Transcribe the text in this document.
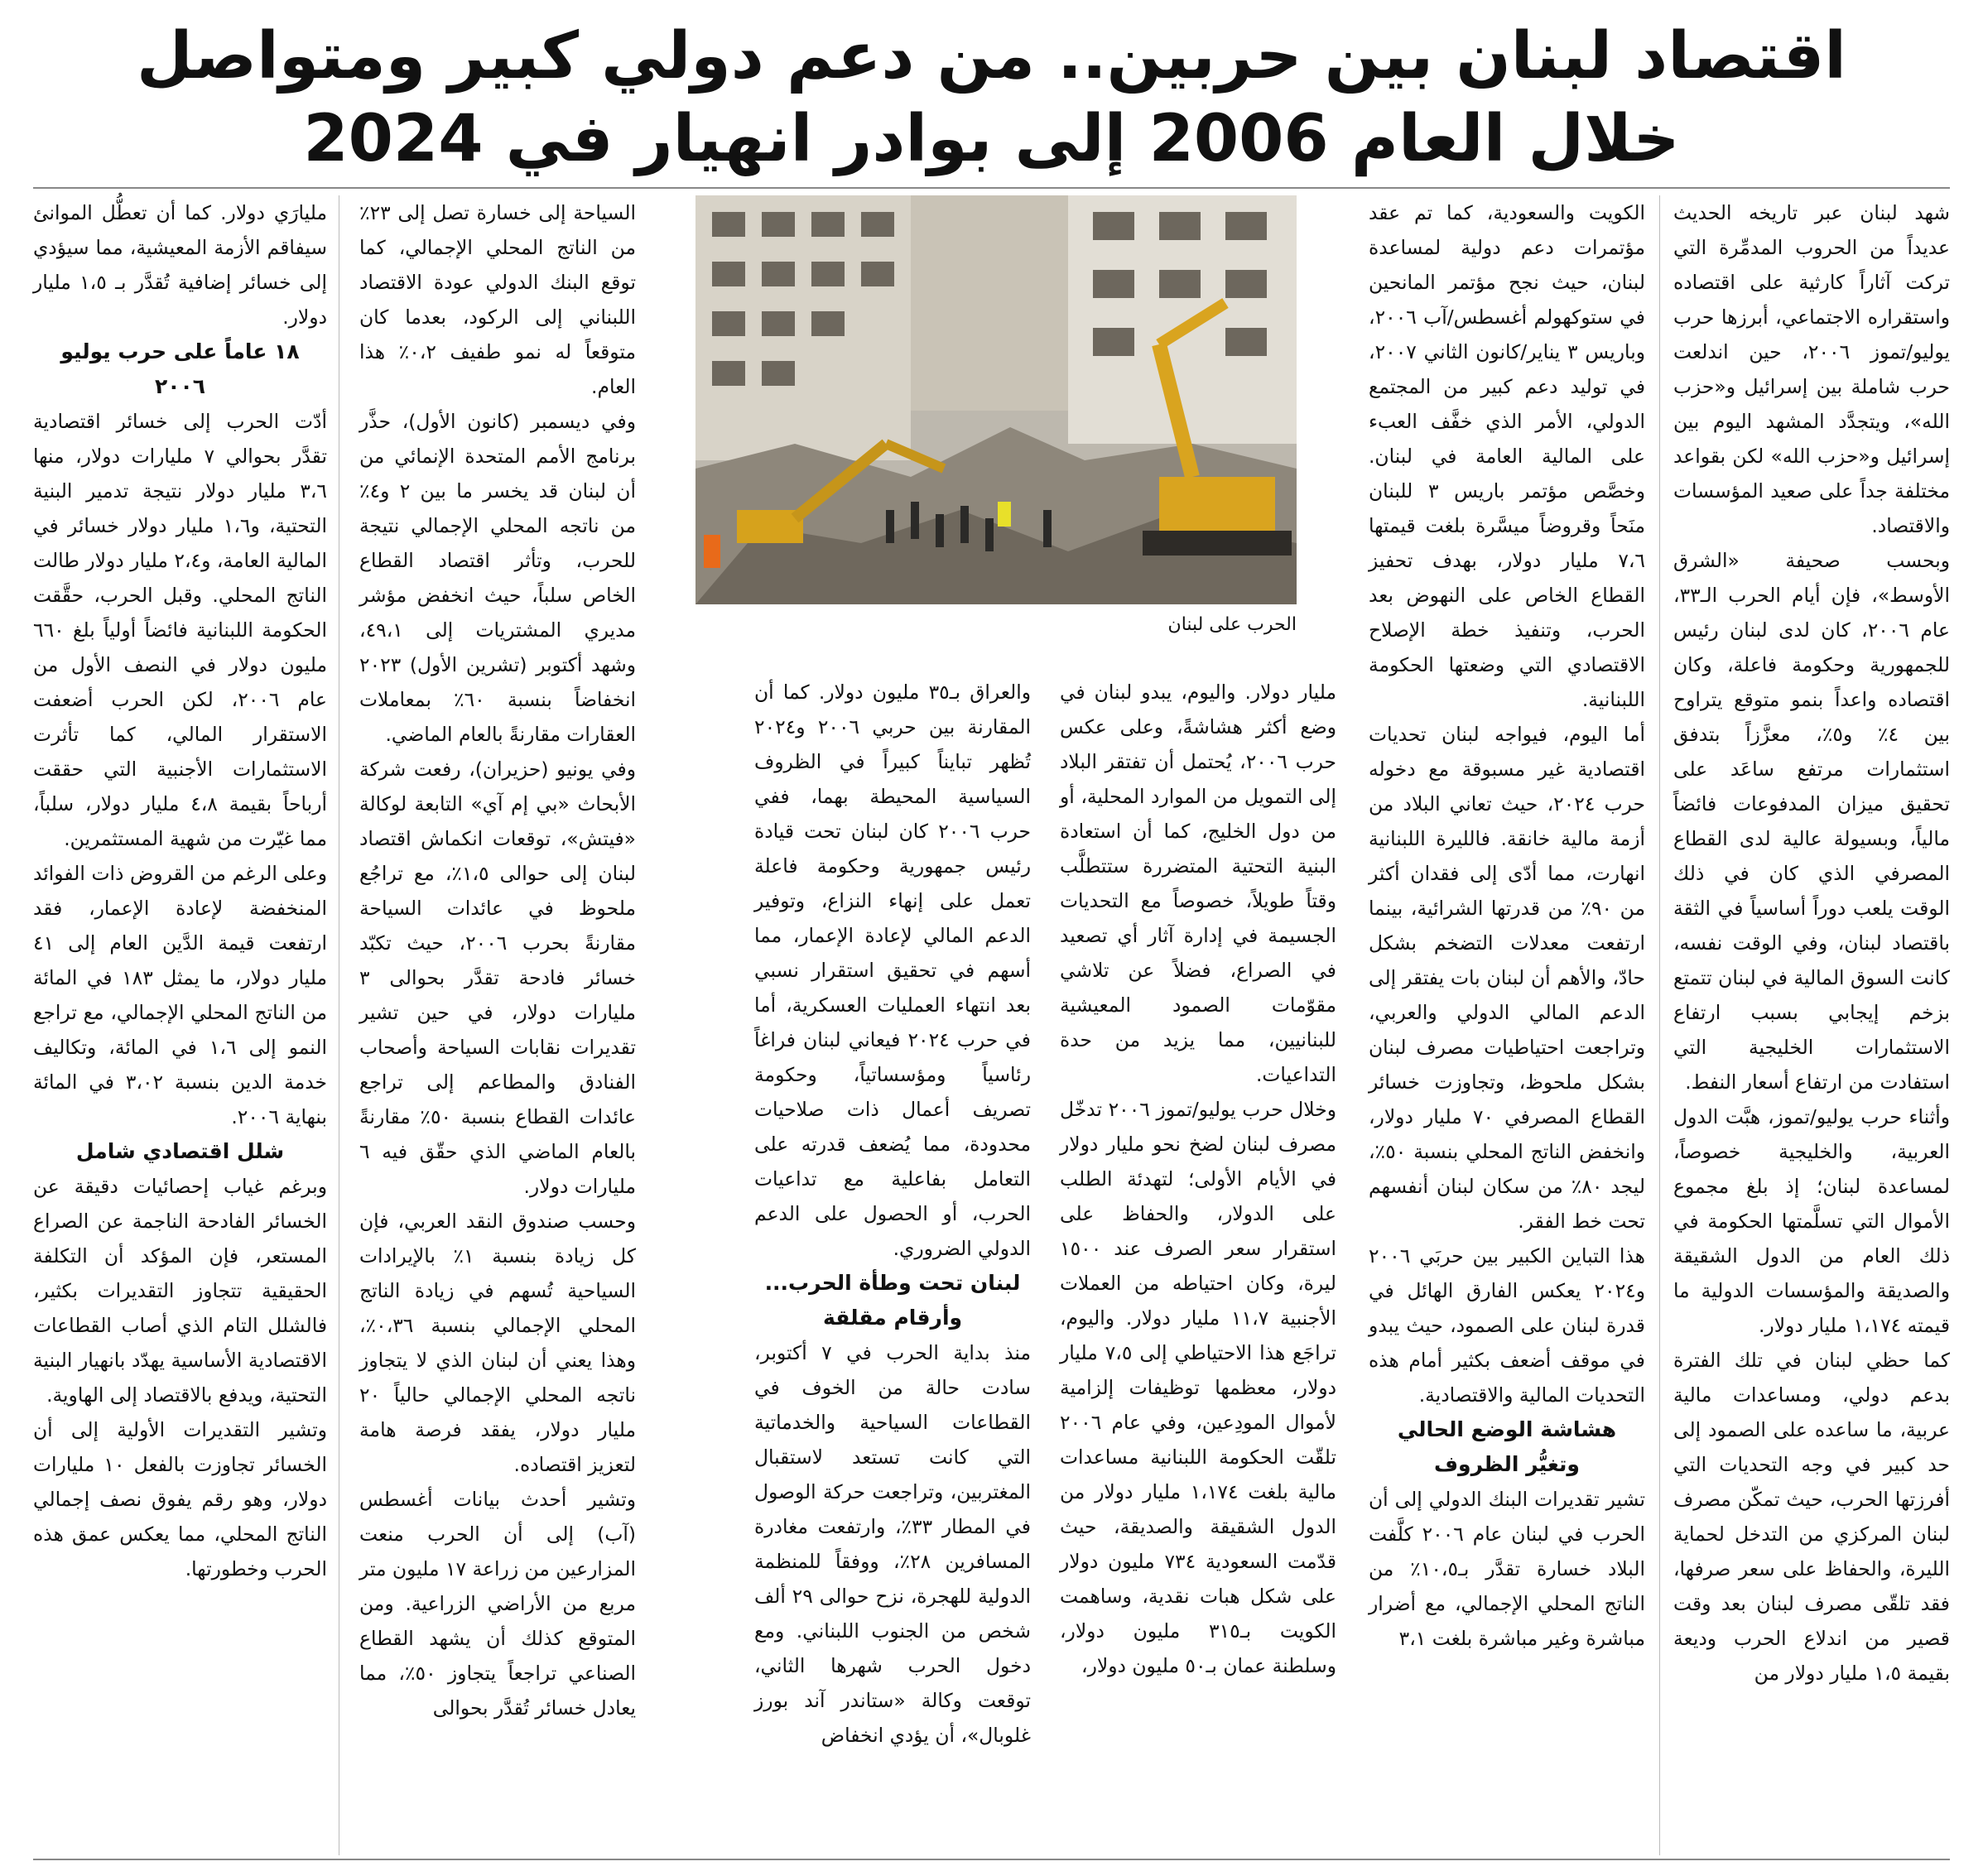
اقتصاد لبنان بين حربين.. من دعم دولي كبير ومتواصل
خلال العام 2006 إلى بوادر انهيار في 2024

شهد لبنان عبر تاريخه الحديث عديداً من الحروب المدمِّرة التي تركت آثاراً كارثية على اقتصاده واستقراره الاجتماعي، أبرزها حرب يوليو/تموز ٢٠٠٦، حين اندلعت حرب شاملة بين إسرائيل و«حزب الله»، ويتجدَّد المشهد اليوم بين إسرائيل و«حزب الله» لكن بقواعد مختلفة جداً على صعيد المؤسسات والاقتصاد.

وبحسب صحيفة «الشرق الأوسط»، فإن أيام الحرب الـ٣٣، عام ٢٠٠٦، كان لدى لبنان رئيس للجمهورية وحكومة فاعلة، وكان اقتصاده واعداً بنمو متوقع يتراوح بين ٤٪ و٥٪، معزَّزاً بتدفق استثمارات مرتفع ساعَد على تحقيق ميزان المدفوعات فائضاً مالياً، وبسيولة عالية لدى القطاع المصرفي الذي كان في ذلك الوقت يلعب دوراً أساسياً في الثقة باقتصاد لبنان، وفي الوقت نفسه، كانت السوق المالية في لبنان تتمتع بزخم إيجابي بسبب ارتفاع الاستثمارات الخليجية التي استفادت من ارتفاع أسعار النفط.

وأثناء حرب يوليو/تموز، هبَّت الدول العربية، والخليجية خصوصاً، لمساعدة لبنان؛ إذ بلغ مجموع الأموال التي تسلَّمتها الحكومة في ذلك العام من الدول الشقيقة والصديقة والمؤسسات الدولية ما قيمته ١،١٧٤ مليار دولار.

كما حظي لبنان في تلك الفترة بدعم دولي، ومساعدات مالية عربية، ما ساعده على الصمود إلى حد كبير في وجه التحديات التي أفرزتها الحرب، حيث تمكّن مصرف لبنان المركزي من التدخل لحماية الليرة، والحفاظ على سعر صرفها، فقد تلقّى مصرف لبنان بعد وقت قصير من اندلاع الحرب وديعة بقيمة ١،٥ مليار دولار من

الكويت والسعودية، كما تم عقد مؤتمرات دعم دولية لمساعدة لبنان، حيث نجح مؤتمر المانحين في ستوكهولم أغسطس/آب ٢٠٠٦، وباريس ٣ يناير/كانون الثاني ٢٠٠٧، في توليد دعم كبير من المجتمع الدولي، الأمر الذي خفَّف العبء على المالية العامة في لبنان. وخصَّص مؤتمر باريس ٣ للبنان منَحاً وقروضاً ميسَّرة بلغت قيمتها ٧،٦ مليار دولار، بهدف تحفيز القطاع الخاص على النهوض بعد الحرب، وتنفيذ خطة الإصلاح الاقتصادي التي وضعتها الحكومة اللبنانية.

أما اليوم، فيواجه لبنان تحديات اقتصادية غير مسبوقة مع دخوله حرب ٢٠٢٤، حيث تعاني البلاد من أزمة مالية خانقة. فالليرة اللبنانية انهارت، مما أدّى إلى فقدان أكثر من ٩٠٪ من قدرتها الشرائية، بينما ارتفعت معدلات التضخم بشكل حادّ، والأهم أن لبنان بات يفتقر إلى الدعم المالي الدولي والعربي، وتراجعت احتياطيات مصرف لبنان بشكل ملحوظ، وتجاوزت خسائر القطاع المصرفي ٧٠ مليار دولار، وانخفض الناتج المحلي بنسبة ٥٠٪، ليجد ٨٠٪ من سكان لبنان أنفسهم تحت خط الفقر.

هذا التباين الكبير بين حربَي ٢٠٠٦ و٢٠٢٤ يعكس الفارق الهائل في قدرة لبنان على الصمود، حيث يبدو في موقف أضعف بكثير أمام هذه التحديات المالية والاقتصادية.

هشاشة الوضع الحالي وتغيُّر الظروف

تشير تقديرات البنك الدولي إلى أن الحرب في لبنان عام ٢٠٠٦ كلَّفت البلاد خسارة تقدَّر بـ١٠،٥٪ من الناتج المحلي الإجمالي، مع أضرار مباشرة وغير مباشرة بلغت ٣،١

الحرب على لبنان

مليار دولار. واليوم، يبدو لبنان في وضع أكثر هشاشةً، وعلى عكس حرب ٢٠٠٦، يُحتمل أن تفتقر البلاد إلى التمويل من الموارد المحلية، أو من دول الخليج، كما أن استعادة البنية التحتية المتضررة ستتطلَّب وقتاً طويلاً، خصوصاً مع التحديات الجسيمة في إدارة آثار أي تصعيد في الصراع، فضلاً عن تلاشي مقوّمات الصمود المعيشية للبنانيين، مما يزيد من حدة التداعيات.

وخلال حرب يوليو/تموز ٢٠٠٦ تدخّل مصرف لبنان لضخ نحو مليار دولار في الأيام الأولى؛ لتهدئة الطلب على الدولار، والحفاظ على استقرار سعر الصرف عند ١٥٠٠ ليرة، وكان احتياطه من العملات الأجنبية ١١،٧ مليار دولار. واليوم، تراجَع هذا الاحتياطي إلى ٧،٥ مليار دولار، معظمها توظيفات إلزامية لأموال المودِعين، وفي عام ٢٠٠٦ تلقّت الحكومة اللبنانية مساعدات مالية بلغت ١،١٧٤ مليار دولار من الدول الشقيقة والصديقة، حيث قدّمت السعودية ٧٣٤ مليون دولار على شكل هبات نقدية، وساهمت الكويت بـ٣١٥ مليون دولار، وسلطنة عمان بـ٥٠ مليون دولار،

والعراق بـ٣٥ مليون دولار. كما أن المقارنة بين حربي ٢٠٠٦ و٢٠٢٤ تُظهر تبايناً كبيراً في الظروف السياسية المحيطة بهما، ففي حرب ٢٠٠٦ كان لبنان تحت قيادة رئيس جمهورية وحكومة فاعلة تعمل على إنهاء النزاع، وتوفير الدعم المالي لإعادة الإعمار، مما أسهم في تحقيق استقرار نسبي بعد انتهاء العمليات العسكرية، أما في حرب ٢٠٢٤ فيعاني لبنان فراغاً رئاسياً ومؤسساتياً، وحكومة تصريف أعمال ذات صلاحيات محدودة، مما يُضعف قدرته على التعامل بفاعلية مع تداعيات الحرب، أو الحصول على الدعم الدولي الضروري.

لبنان تحت وطأة الحرب... وأرقام مقلقة

منذ بداية الحرب في ٧ أكتوبر، سادت حالة من الخوف في القطاعات السياحية والخدماتية التي كانت تستعد لاستقبال المغتربين، وتراجعت حركة الوصول في المطار ٣٣٪، وارتفعت مغادرة المسافرين ٢٨٪، ووفقاً للمنظمة الدولية للهجرة، نزح حوالى ٢٩ ألف شخص من الجنوب اللبناني. ومع دخول الحرب شهرها الثاني، توقعت وكالة «ستاندر آند بورز غلوبال»، أن يؤدي انخفاض

السياحة إلى خسارة تصل إلى ٢٣٪ من الناتج المحلي الإجمالي، كما توقع البنك الدولي عودة الاقتصاد اللبناني إلى الركود، بعدما كان متوقعاً له نمو طفيف ٠،٢٪ هذا العام.

وفي ديسمبر (كانون الأول)، حذَّر برنامج الأمم المتحدة الإنمائي من أن لبنان قد يخسر ما بين ٢ و٤٪ من ناتجه المحلي الإجمالي نتيجة للحرب، وتأثر اقتصاد القطاع الخاص سلباً، حيث انخفض مؤشر مديري المشتريات إلى ٤٩،١، وشهد أكتوبر (تشرين الأول) ٢٠٢٣ انخفاضاً بنسبة ٦٠٪ بمعاملات العقارات مقارنةً بالعام الماضي.

وفي يونيو (حزيران)، رفعت شركة الأبحاث «بي إم آي» التابعة لوكالة «فيتش»، توقعات انكماش اقتصاد لبنان إلى حوالى ١،٥٪، مع تراجُع ملحوظ في عائدات السياحة مقارنةً بحرب ٢٠٠٦، حيث تكبّد خسائر فادحة تقدَّر بحوالى ٣ مليارات دولار، في حين تشير تقديرات نقابات السياحة وأصحاب الفنادق والمطاعم إلى تراجع عائدات القطاع بنسبة ٥٠٪ مقارنةً بالعام الماضي الذي حقّق فيه ٦ مليارات دولار.

وحسب صندوق النقد العربي، فإن كل زيادة بنسبة ١٪ بالإيرادات السياحية تُسهم في زيادة الناتج المحلي الإجمالي بنسبة ٠،٣٦٪، وهذا يعني أن لبنان الذي لا يتجاوز ناتجه المحلي الإجمالي حالياً ٢٠ مليار دولار، يفقد فرصة هامة لتعزيز اقتصاده.

وتشير أحدث بيانات أغسطس (آب) إلى أن الحرب منعت المزارعين من زراعة ١٧ مليون متر مربع من الأراضي الزراعية. ومن المتوقع كذلك أن يشهد القطاع الصناعي تراجعاً يتجاوز ٥٠٪، مما يعادل خسائر تُقدَّر بحوالى

مليارَي دولار. كما أن تعطُّل الموانئ سيفاقم الأزمة المعيشية، مما سيؤدي إلى خسائر إضافية تُقدَّر بـ ١،٥ مليار دولار.

١٨ عاماً على حرب يوليو ٢٠٠٦

أدّت الحرب إلى خسائر اقتصادية تقدَّر بحوالي ٧ مليارات دولار، منها ٣،٦ مليار دولار نتيجة تدمير البنية التحتية، و١،٦ مليار دولار خسائر في المالية العامة، و٢،٤ مليار دولار طالت الناتج المحلي. وقبل الحرب، حقَّقت الحكومة اللبنانية فائضاً أولياً بلغ ٦٦٠ مليون دولار في النصف الأول من عام ٢٠٠٦، لكن الحرب أضعفت الاستقرار المالي، كما تأثرت الاستثمارات الأجنبية التي حققت أرباحاً بقيمة ٤،٨ مليار دولار، سلباً، مما غيّرت من شهية المستثمرين.

وعلى الرغم من القروض ذات الفوائد المنخفضة لإعادة الإعمار، فقد ارتفعت قيمة الدَّين العام إلى ٤١ مليار دولار، ما يمثل ١٨٣ في المائة من الناتج المحلي الإجمالي، مع تراجع النمو إلى ١،٦ في المائة، وتكاليف خدمة الدين بنسبة ٣،٠٢ في المائة بنهاية ٢٠٠٦.

شلل اقتصادي شامل

وبرغم غياب إحصائيات دقيقة عن الخسائر الفادحة الناجمة عن الصراع المستعر، فإن المؤكد أن التكلفة الحقيقية تتجاوز التقديرات بكثير، فالشلل التام الذي أصاب القطاعات الاقتصادية الأساسية يهدّد بانهيار البنية التحتية، ويدفع بالاقتصاد إلى الهاوية.

وتشير التقديرات الأولية إلى أن الخسائر تجاوزت بالفعل ١٠ مليارات دولار، وهو رقم يفوق نصف إجمالي الناتج المحلي، مما يعكس عمق هذه الحرب وخطورتها.
